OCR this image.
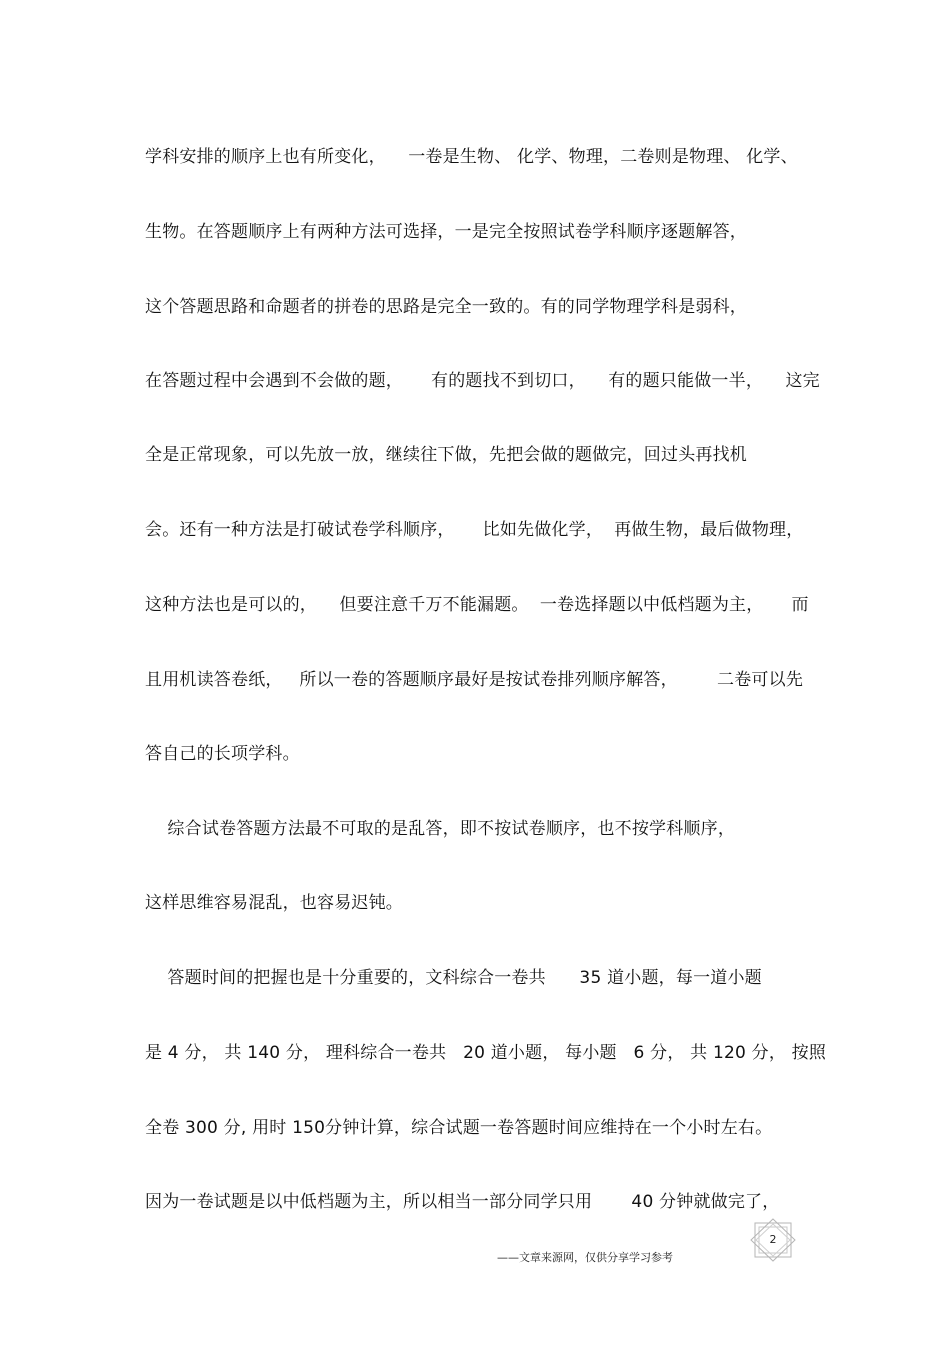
学科安排的顺序上也有所变化，    一卷是生物、 化学、物理，二卷则是物理、 化学、
生物。在答题顺序上有两种方法可选择，一是完全按照试卷学科顺序逐题解答，
这个答题思路和命题者的拼卷的思路是完全一致的。有的同学物理学科是弱科，
在答题过程中会遇到不会做的题，     有的题找不到切口，    有的题只能做一半，    这完
全是正常现象，可以先放一放，继续往下做，先把会做的题做完，回过头再找机
会。还有一种方法是打破试卷学科顺序，     比如先做化学，  再做生物，最后做物理，
这种方法也是可以的，    但要注意千万不能漏题。  一卷选择题以中低档题为主，     而
且用机读答卷纸，   所以一卷的答题顺序最好是按试卷排列顺序解答，       二卷可以先
答自己的长项学科。
综合试卷答题方法最不可取的是乱答，即不按试卷顺序，也不按学科顺序，
这样思维容易混乱，也容易迟钝。
答题时间的把握也是十分重要的，文科综合一卷共      35 道小题，每一道小题
是 4 分， 共 140 分， 理科综合一卷共   20 道小题， 每小题   6 分， 共 120 分， 按照
全卷 300 分, 用时 150分钟计算，综合试题一卷答题时间应维持在一个小时左右。
因为一卷试题是以中低档题为主，所以相当一部分同学只用       40 分钟就做完了，
2
——文章来源网，仅供分享学习参考
